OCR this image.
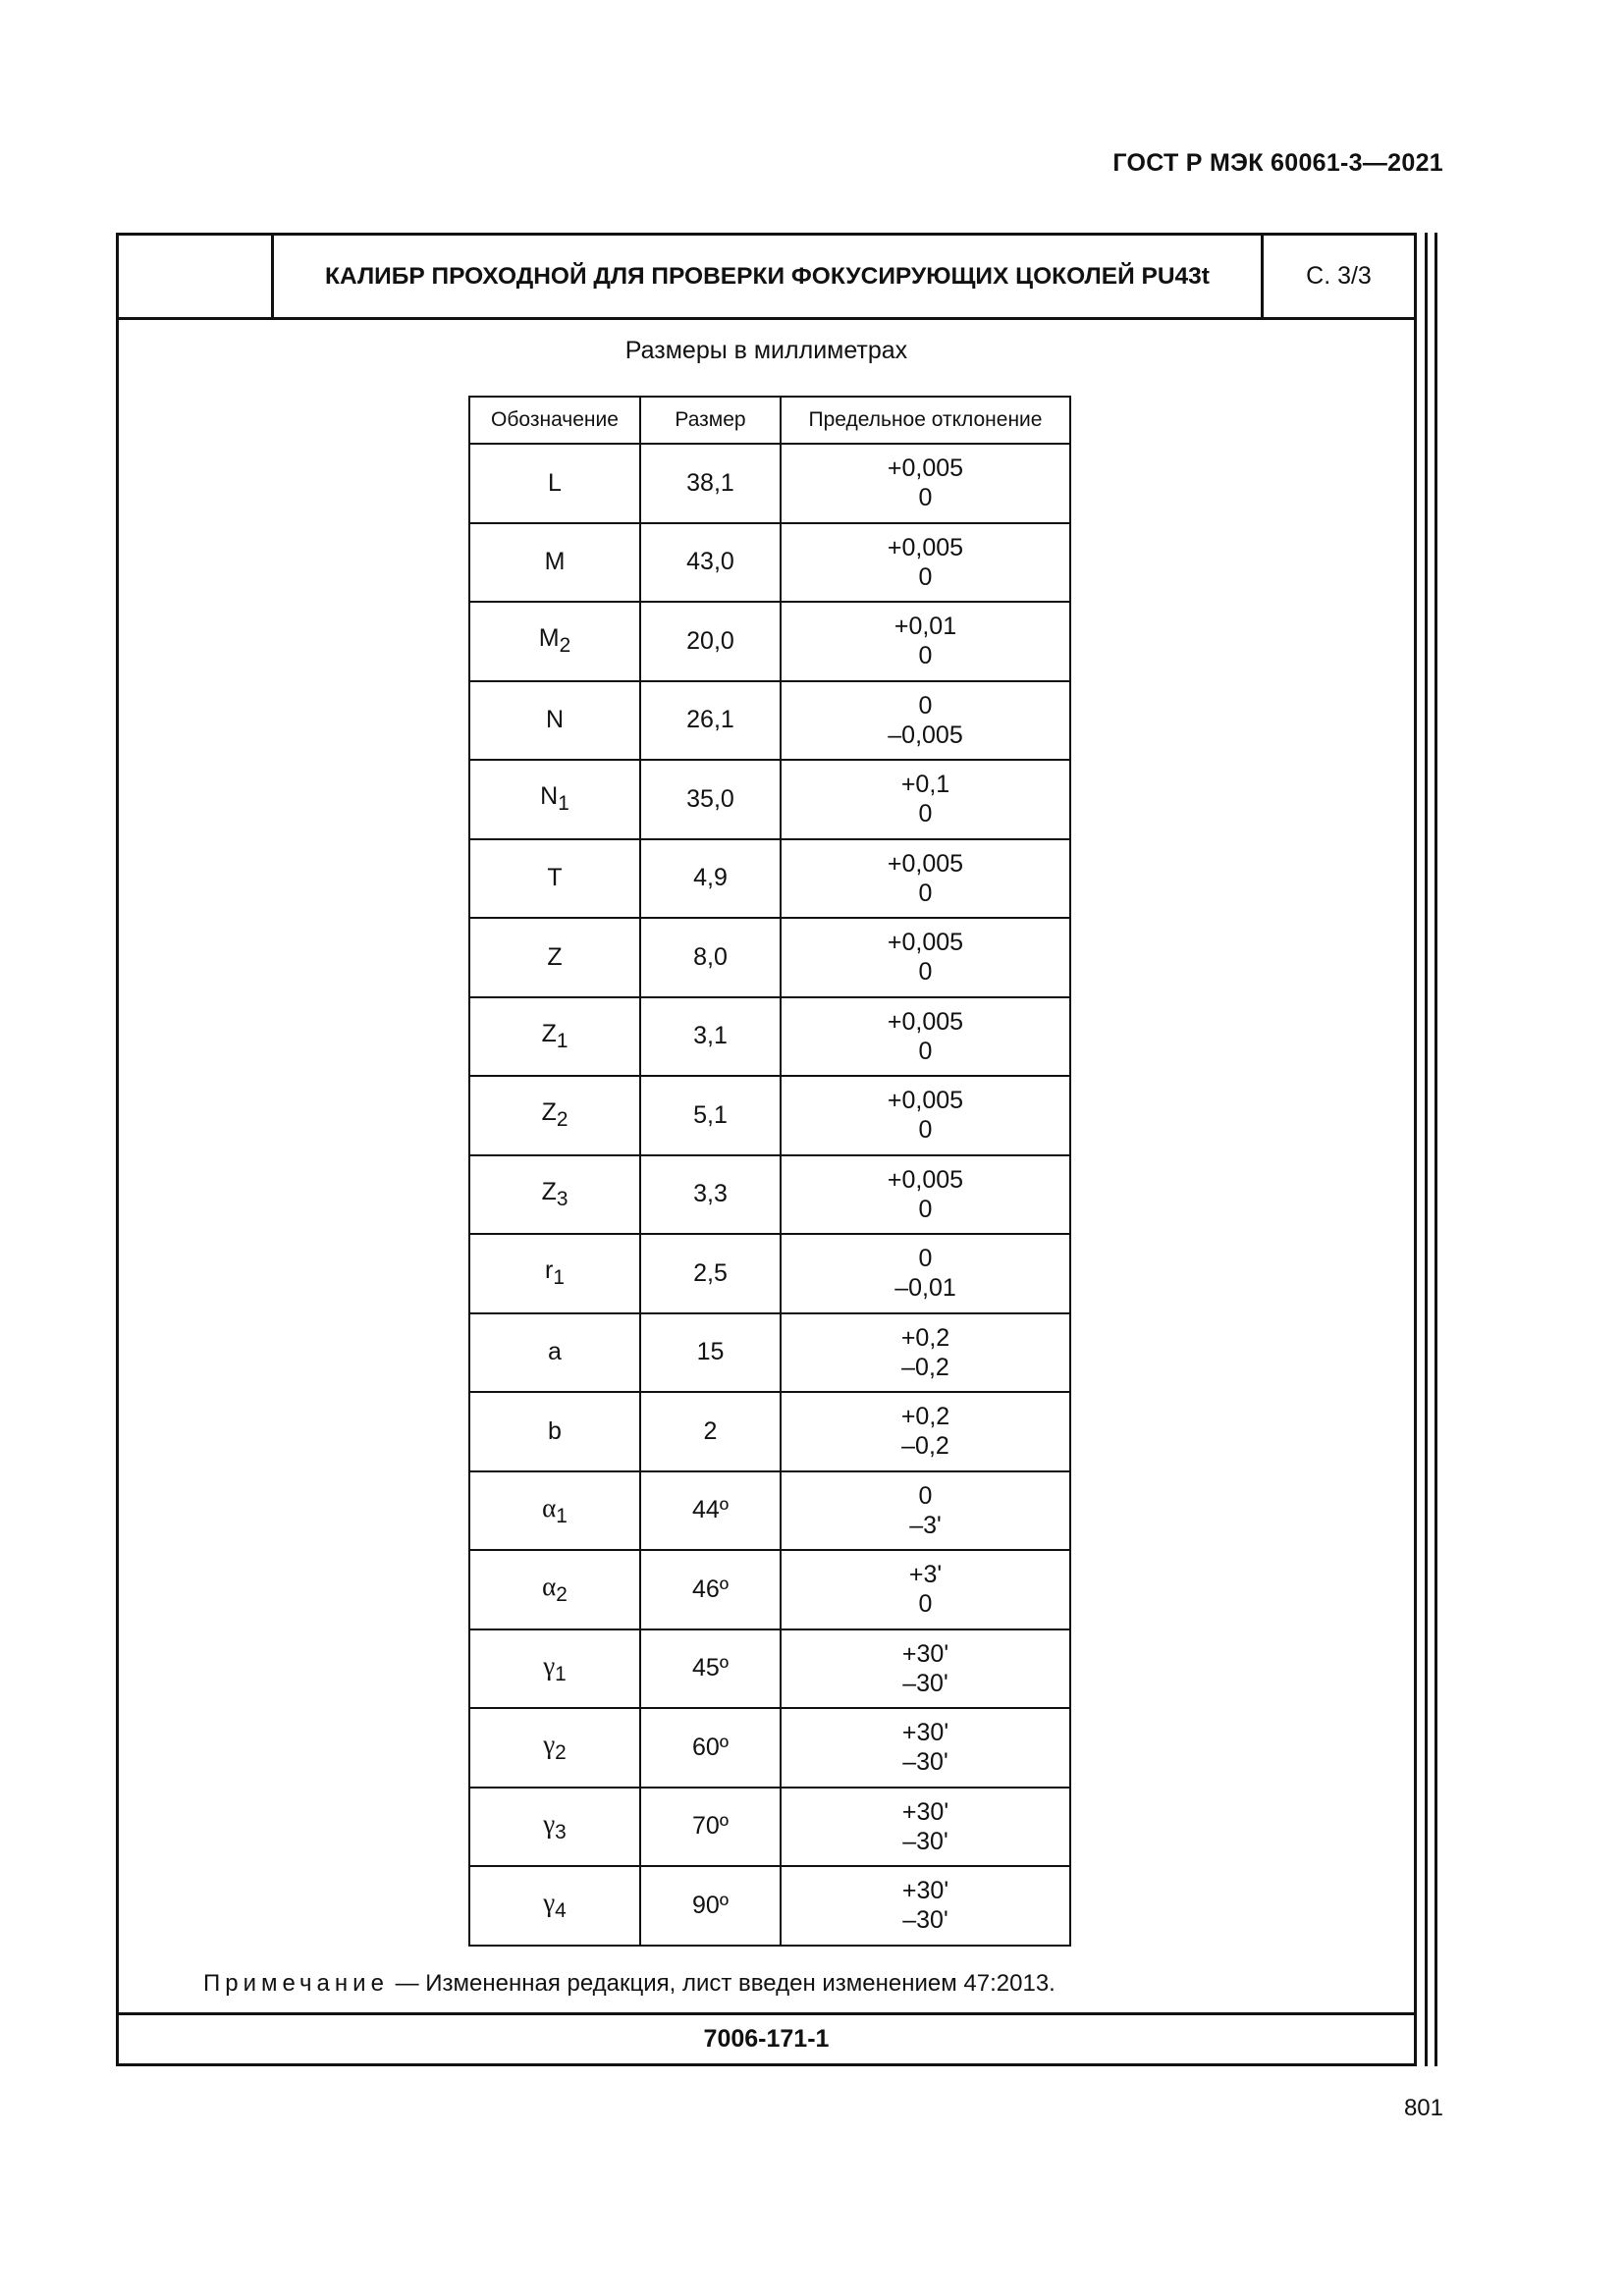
ГОСТ Р МЭК 60061-3—2021
КАЛИБР ПРОХОДНОЙ ДЛЯ ПРОВЕРКИ ФОКУСИРУЮЩИХ ЦОКОЛЕЙ PU43t	С. 3/3
Размеры в миллиметрах
Обозначение	Размер	Предельное отклонение
L	38,1	+0,005
0

M	43,0	+0,005
0

$M_2$	20,0	+0,01
0

N	26,1	0
–0,005

$N_1$	35,0	+0,1
0

T	4,9	+0,005
0

Z	8,0	+0,005
0

$Z_1$	3,1	+0,005
0

$Z_2$	5,1	+0,005
0

$Z_3$	3,3	+0,005
0

$r_1$	2,5	0
–0,01

a	15	+0,2
–0,2

b	2	+0,2
–0,2

$\alpha_1$	44º	0
–3'

$\alpha_2$	46º	+3'
0

$\gamma_1$	45º	+30'
–30'

$\gamma_2$	60º	+30'
–30'

$\gamma_3$	70º	+30'
–30'

$\gamma_4$	90º	+30'
–30'
Примечание — Измененная редакция, лист введен изменением 47:2013.
7006-171-1
801
